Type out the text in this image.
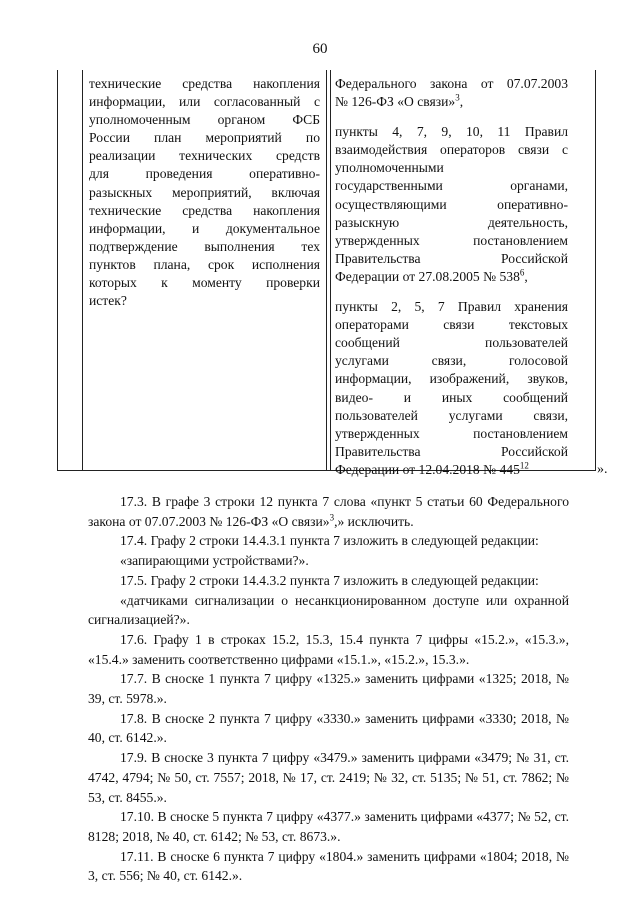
60
технические средства накопления
информации, или согласованный с
уполномоченным органом ФСБ
России план мероприятий по
реализации технических средств
для проведения оперативно-
разыскных мероприятий, включая
технические средства накопления
информации, и документальное
подтверждение выполнения тех
пунктов плана, срок исполнения
которых к моменту проверки
истек?
Федерального закона от 07.07.2003
№ 126-ФЗ «О связи»$^3$,
пункты 4, 7, 9, 10, 11 Правил
взаимодействия операторов связи с
уполномоченными
государственными органами,
осуществляющими оперативно-
разыскную деятельность,
утвержденных постановлением
Правительства Российской
Федерации от 27.08.2005 № $538^6$,
пункты 2, 5, 7 Правил хранения
операторами связи текстовых
сообщений пользователей
услугами связи, голосовой
информации, изображений, звуков,
видео- и иных сообщений
пользователей услугами связи,
утвержденных постановлением
Правительства Российской
Федерации от 12.04.2018 № $445^{12}$	».

17.3. В графе 3 строки 12 пункта 7 слова «пункт 5 статьи 60 Федерального закона от 07.07.2003 № 126-ФЗ «О связи»$^3$,» исключить.

17.4. Графу 2 строки 14.4.3.1 пункта 7 изложить в следующей редакции:

«запирающими устройствами?».

17.5. Графу 2 строки 14.4.3.2 пункта 7 изложить в следующей редакции:

«датчиками сигнализации о несанкционированном доступе или охранной сигнализацией?».

17.6. Графу 1 в строках 15.2, 15.3, 15.4 пункта 7 цифры «15.2.», «15.3.», «15.4.» заменить соответственно цифрами «15.1.», «15.2.», 15.3.».

17.7. В сноске 1 пункта 7 цифру «1325.» заменить цифрами «1325; 2018, № 39, ст. 5978.».

17.8. В сноске 2 пункта 7 цифру «3330.» заменить цифрами «3330; 2018, № 40, ст. 6142.».

17.9. В сноске 3 пункта 7 цифру «3479.» заменить цифрами «3479; № 31, ст. 4742, 4794; № 50, ст. 7557; 2018, № 17, ст. 2419; № 32, ст. 5135; № 51, ст. 7862; № 53, ст. 8455.».

17.10. В сноске 5 пункта 7 цифру «4377.» заменить цифрами «4377; № 52, ст. 8128; 2018, № 40, ст. 6142; № 53, ст. 8673.».

17.11. В сноске 6 пункта 7 цифру «1804.» заменить цифрами «1804; 2018, № 3, ст. 556; № 40, ст. 6142.».
